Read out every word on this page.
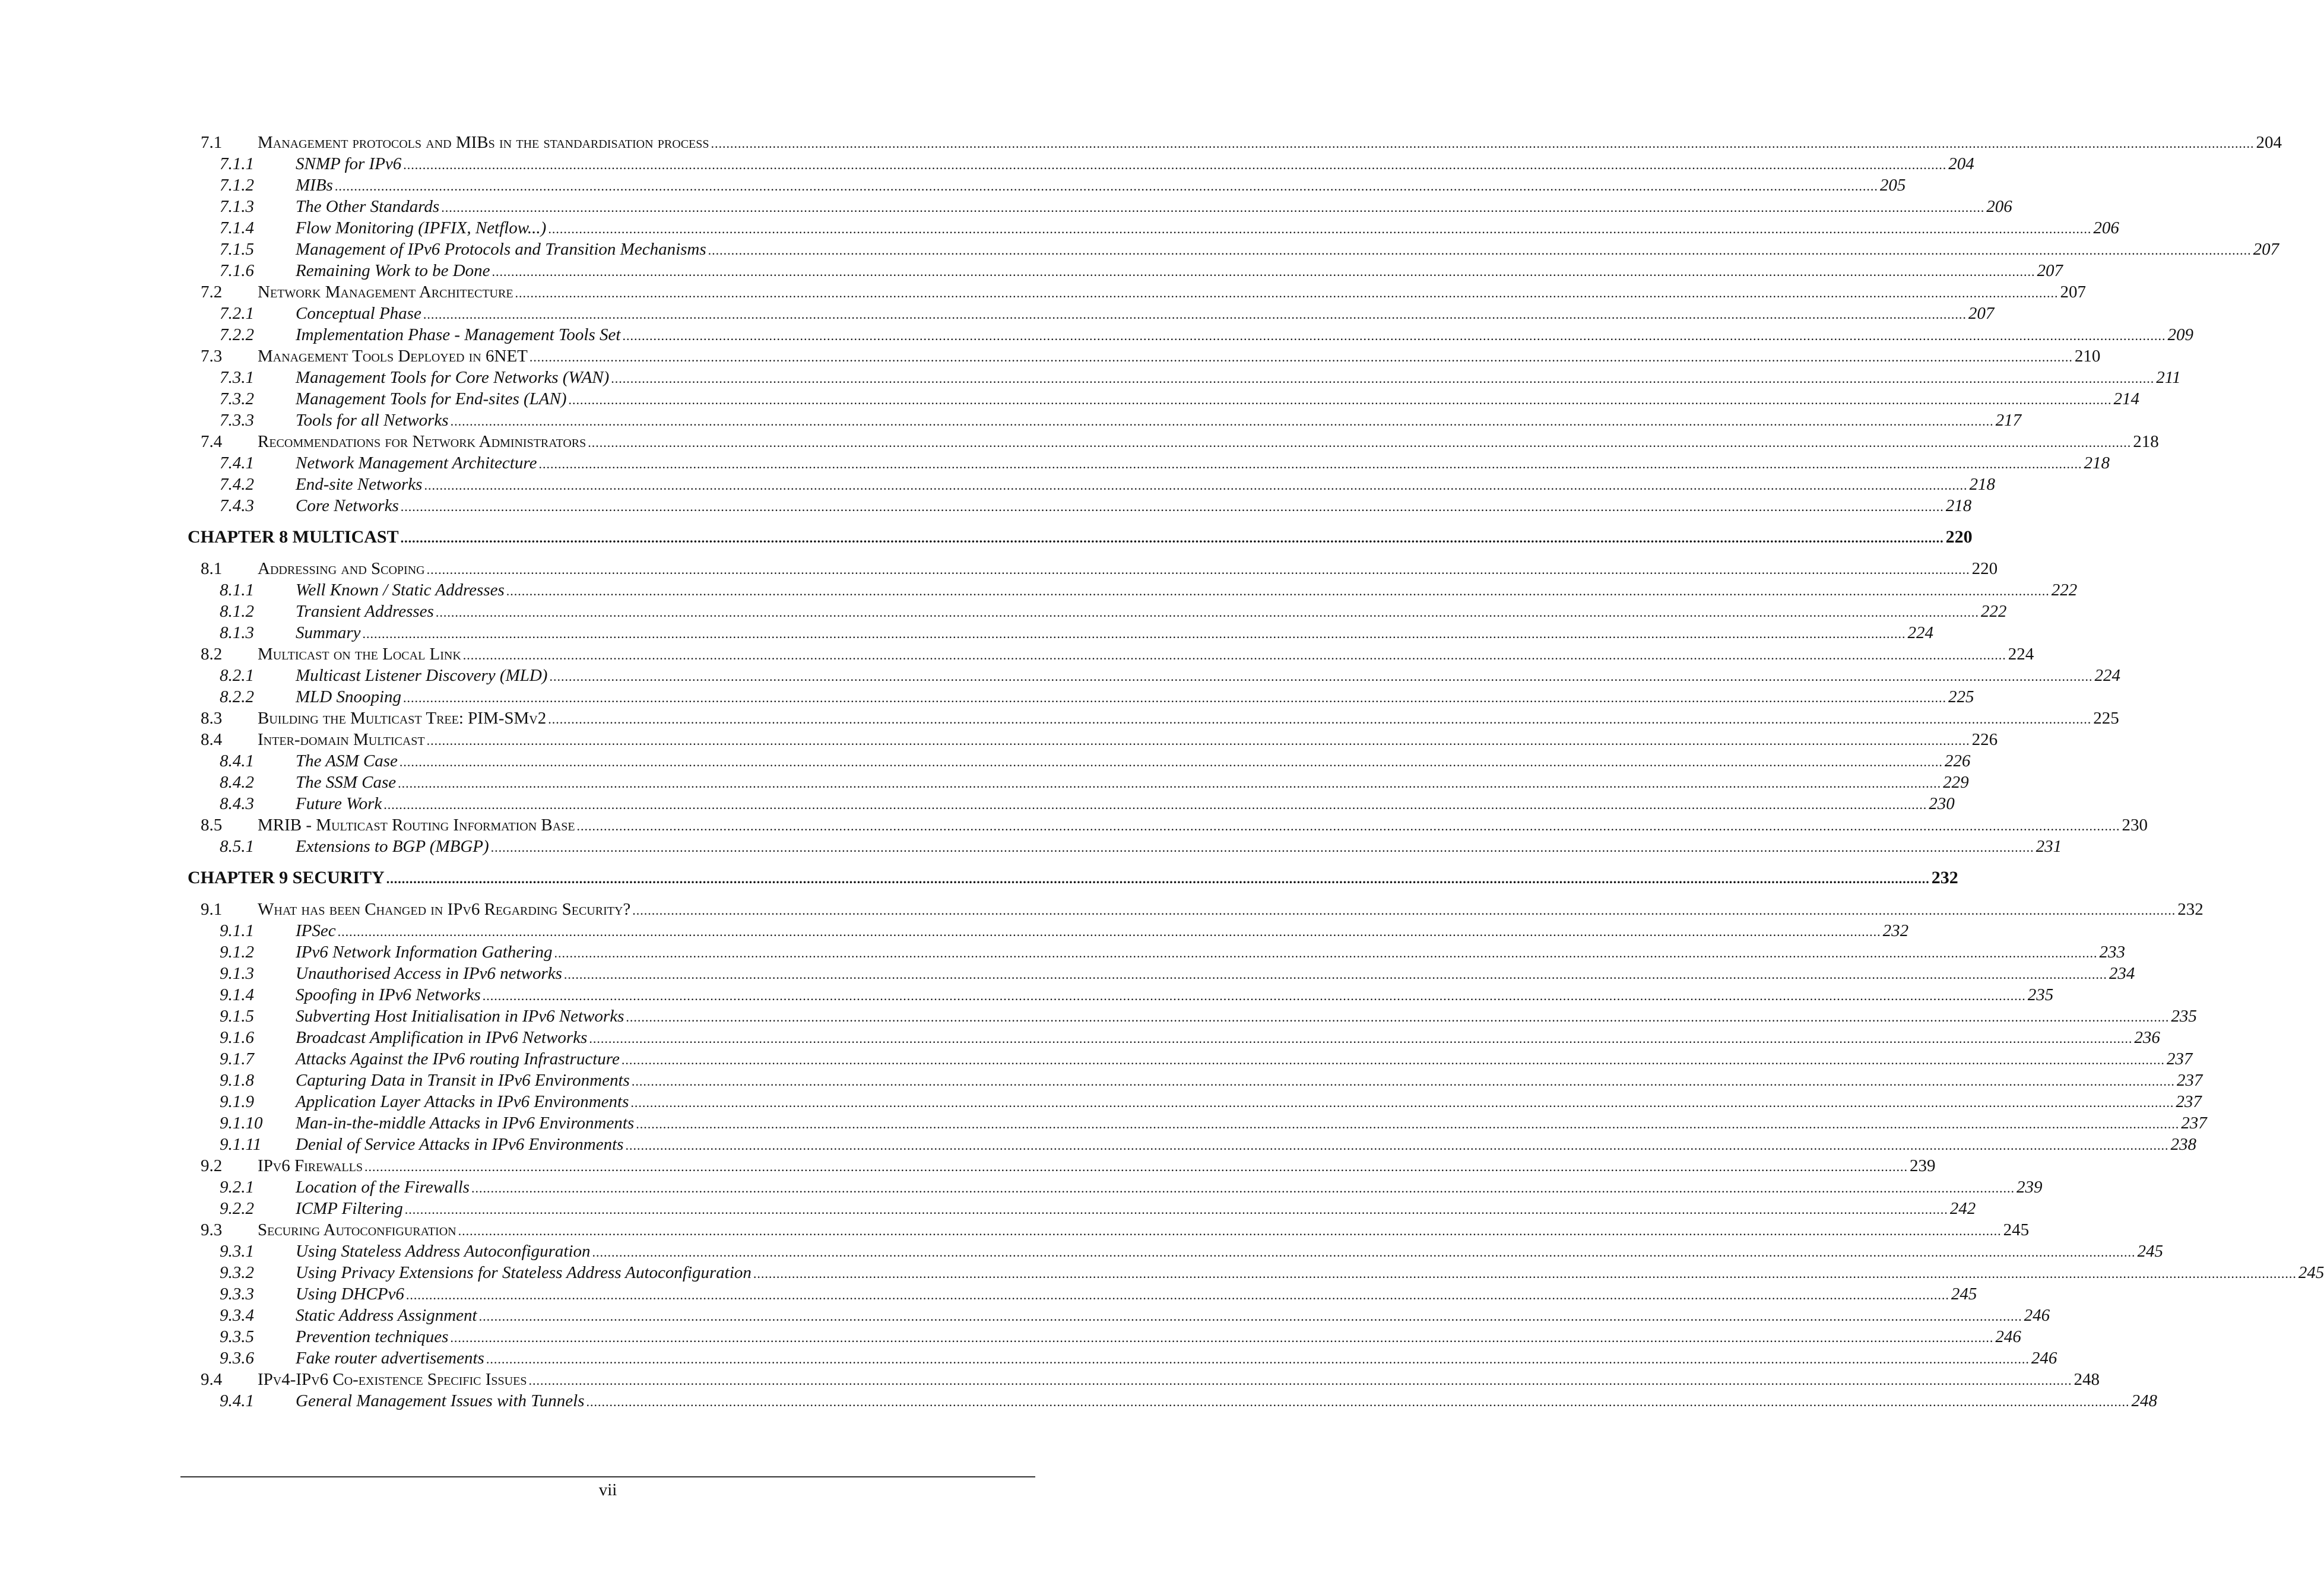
7.1 Management protocols and MIBs in the standardisation process ................................................................................................................................................................................................................................................................................................................................................................................................................ 204
7.1.1 SNMP for IPv6 ................................................................................................................................................................................................................................................................................................................................................................................................................ 204
7.1.2 MIBs ................................................................................................................................................................................................................................................................................................................................................................................................................ 205
7.1.3 The Other Standards ................................................................................................................................................................................................................................................................................................................................................................................................................ 206
7.1.4 Flow Monitoring (IPFIX, Netflow...) ................................................................................................................................................................................................................................................................................................................................................................................................................ 206
7.1.5 Management of IPv6 Protocols and Transition Mechanisms ................................................................................................................................................................................................................................................................................................................................................................................................................ 207
7.1.6 Remaining Work to be Done ................................................................................................................................................................................................................................................................................................................................................................................................................ 207
7.2 Network Management Architecture ................................................................................................................................................................................................................................................................................................................................................................................................................ 207
7.2.1 Conceptual Phase ................................................................................................................................................................................................................................................................................................................................................................................................................ 207
7.2.2 Implementation Phase - Management Tools Set ................................................................................................................................................................................................................................................................................................................................................................................................................ 209
7.3 Management Tools Deployed in 6NET ................................................................................................................................................................................................................................................................................................................................................................................................................ 210
7.3.1 Management Tools for Core Networks (WAN) ................................................................................................................................................................................................................................................................................................................................................................................................................ 211
7.3.2 Management Tools for End-sites (LAN) ................................................................................................................................................................................................................................................................................................................................................................................................................ 214
7.3.3 Tools for all Networks ................................................................................................................................................................................................................................................................................................................................................................................................................ 217
7.4 Recommendations for Network Administrators ................................................................................................................................................................................................................................................................................................................................................................................................................ 218
7.4.1 Network Management Architecture ................................................................................................................................................................................................................................................................................................................................................................................................................ 218
7.4.2 End-site Networks ................................................................................................................................................................................................................................................................................................................................................................................................................ 218
7.4.3 Core Networks ................................................................................................................................................................................................................................................................................................................................................................................................................ 218
CHAPTER 8 MULTICAST ................................................................................................................................................................................................................................................................................................................................................................................................................ 220
8.1 Addressing and Scoping ................................................................................................................................................................................................................................................................................................................................................................................................................ 220
8.1.1 Well Known / Static Addresses ................................................................................................................................................................................................................................................................................................................................................................................................................ 222
8.1.2 Transient Addresses ................................................................................................................................................................................................................................................................................................................................................................................................................ 222
8.1.3 Summary ................................................................................................................................................................................................................................................................................................................................................................................................................ 224
8.2 Multicast on the Local Link ................................................................................................................................................................................................................................................................................................................................................................................................................ 224
8.2.1 Multicast Listener Discovery (MLD) ................................................................................................................................................................................................................................................................................................................................................................................................................ 224
8.2.2 MLD Snooping ................................................................................................................................................................................................................................................................................................................................................................................................................ 225
8.3 Building the Multicast Tree: PIM-SMv2 ................................................................................................................................................................................................................................................................................................................................................................................................................ 225
8.4 Inter-domain Multicast ................................................................................................................................................................................................................................................................................................................................................................................................................ 226
8.4.1 The ASM Case ................................................................................................................................................................................................................................................................................................................................................................................................................ 226
8.4.2 The SSM Case ................................................................................................................................................................................................................................................................................................................................................................................................................ 229
8.4.3 Future Work ................................................................................................................................................................................................................................................................................................................................................................................................................ 230
8.5 MRIB - Multicast Routing Information Base ................................................................................................................................................................................................................................................................................................................................................................................................................ 230
8.5.1 Extensions to BGP (MBGP) ................................................................................................................................................................................................................................................................................................................................................................................................................ 231
CHAPTER 9 SECURITY ................................................................................................................................................................................................................................................................................................................................................................................................................ 232
9.1 What has been Changed in IPv6 Regarding Security? ................................................................................................................................................................................................................................................................................................................................................................................................................ 232
9.1.1 IPSec ................................................................................................................................................................................................................................................................................................................................................................................................................ 232
9.1.2 IPv6 Network Information Gathering ................................................................................................................................................................................................................................................................................................................................................................................................................ 233
9.1.3 Unauthorised Access in IPv6 networks ................................................................................................................................................................................................................................................................................................................................................................................................................ 234
9.1.4 Spoofing in IPv6 Networks ................................................................................................................................................................................................................................................................................................................................................................................................................ 235
9.1.5 Subverting Host Initialisation in IPv6 Networks ................................................................................................................................................................................................................................................................................................................................................................................................................ 235
9.1.6 Broadcast Amplification in IPv6 Networks ................................................................................................................................................................................................................................................................................................................................................................................................................ 236
9.1.7 Attacks Against the IPv6 routing Infrastructure ................................................................................................................................................................................................................................................................................................................................................................................................................ 237
9.1.8 Capturing Data in Transit in IPv6 Environments ................................................................................................................................................................................................................................................................................................................................................................................................................ 237
9.1.9 Application Layer Attacks in IPv6 Environments ................................................................................................................................................................................................................................................................................................................................................................................................................ 237
9.1.10 Man-in-the-middle Attacks in IPv6 Environments ................................................................................................................................................................................................................................................................................................................................................................................................................ 237
9.1.11 Denial of Service Attacks in IPv6 Environments ................................................................................................................................................................................................................................................................................................................................................................................................................ 238
9.2 IPv6 Firewalls ................................................................................................................................................................................................................................................................................................................................................................................................................ 239
9.2.1 Location of the Firewalls ................................................................................................................................................................................................................................................................................................................................................................................................................ 239
9.2.2 ICMP Filtering ................................................................................................................................................................................................................................................................................................................................................................................................................ 242
9.3 Securing Autoconfiguration ................................................................................................................................................................................................................................................................................................................................................................................................................ 245
9.3.1 Using Stateless Address Autoconfiguration ................................................................................................................................................................................................................................................................................................................................................................................................................ 245
9.3.2 Using Privacy Extensions for Stateless Address Autoconfiguration ................................................................................................................................................................................................................................................................................................................................................................................................................ 245
9.3.3 Using DHCPv6 ................................................................................................................................................................................................................................................................................................................................................................................................................ 245
9.3.4 Static Address Assignment ................................................................................................................................................................................................................................................................................................................................................................................................................ 246
9.3.5 Prevention techniques ................................................................................................................................................................................................................................................................................................................................................................................................................ 246
9.3.6 Fake router advertisements ................................................................................................................................................................................................................................................................................................................................................................................................................ 246
9.4 IPv4-IPv6 Co-existence Specific Issues ................................................................................................................................................................................................................................................................................................................................................................................................................ 248
9.4.1 General Management Issues with Tunnels ................................................................................................................................................................................................................................................................................................................................................................................................................ 248
vii
